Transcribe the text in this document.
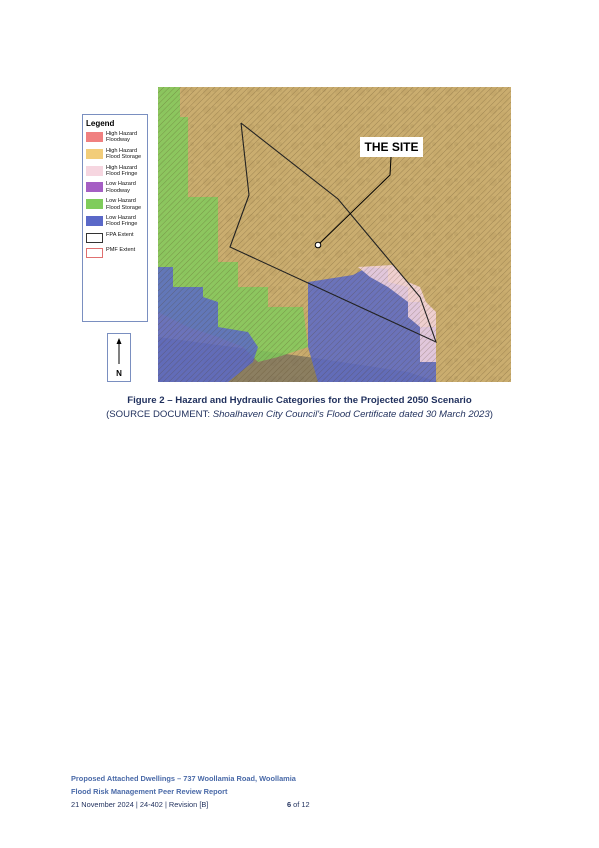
Legend
High Hazard Floodway
High Hazard Flood Storage
High Hazard Flood Fringe
Low Hazard Floodway
Low Hazard Flood Storage
Low Hazard Flood Fringe
FPA Extent
PMF Extent
N
THE SITE
Figure 2 – Hazard and Hydraulic Categories for the Projected 2050 Scenario
(SOURCE DOCUMENT: Shoalhaven City Council's Flood Certificate dated 30 March 2023)
Proposed Attached Dwellings – 737 Woollamia Road, Woollamia
Flood Risk Management Peer Review Report
21 November 2024 | 24-402 | Revision [B]	6 of 12
